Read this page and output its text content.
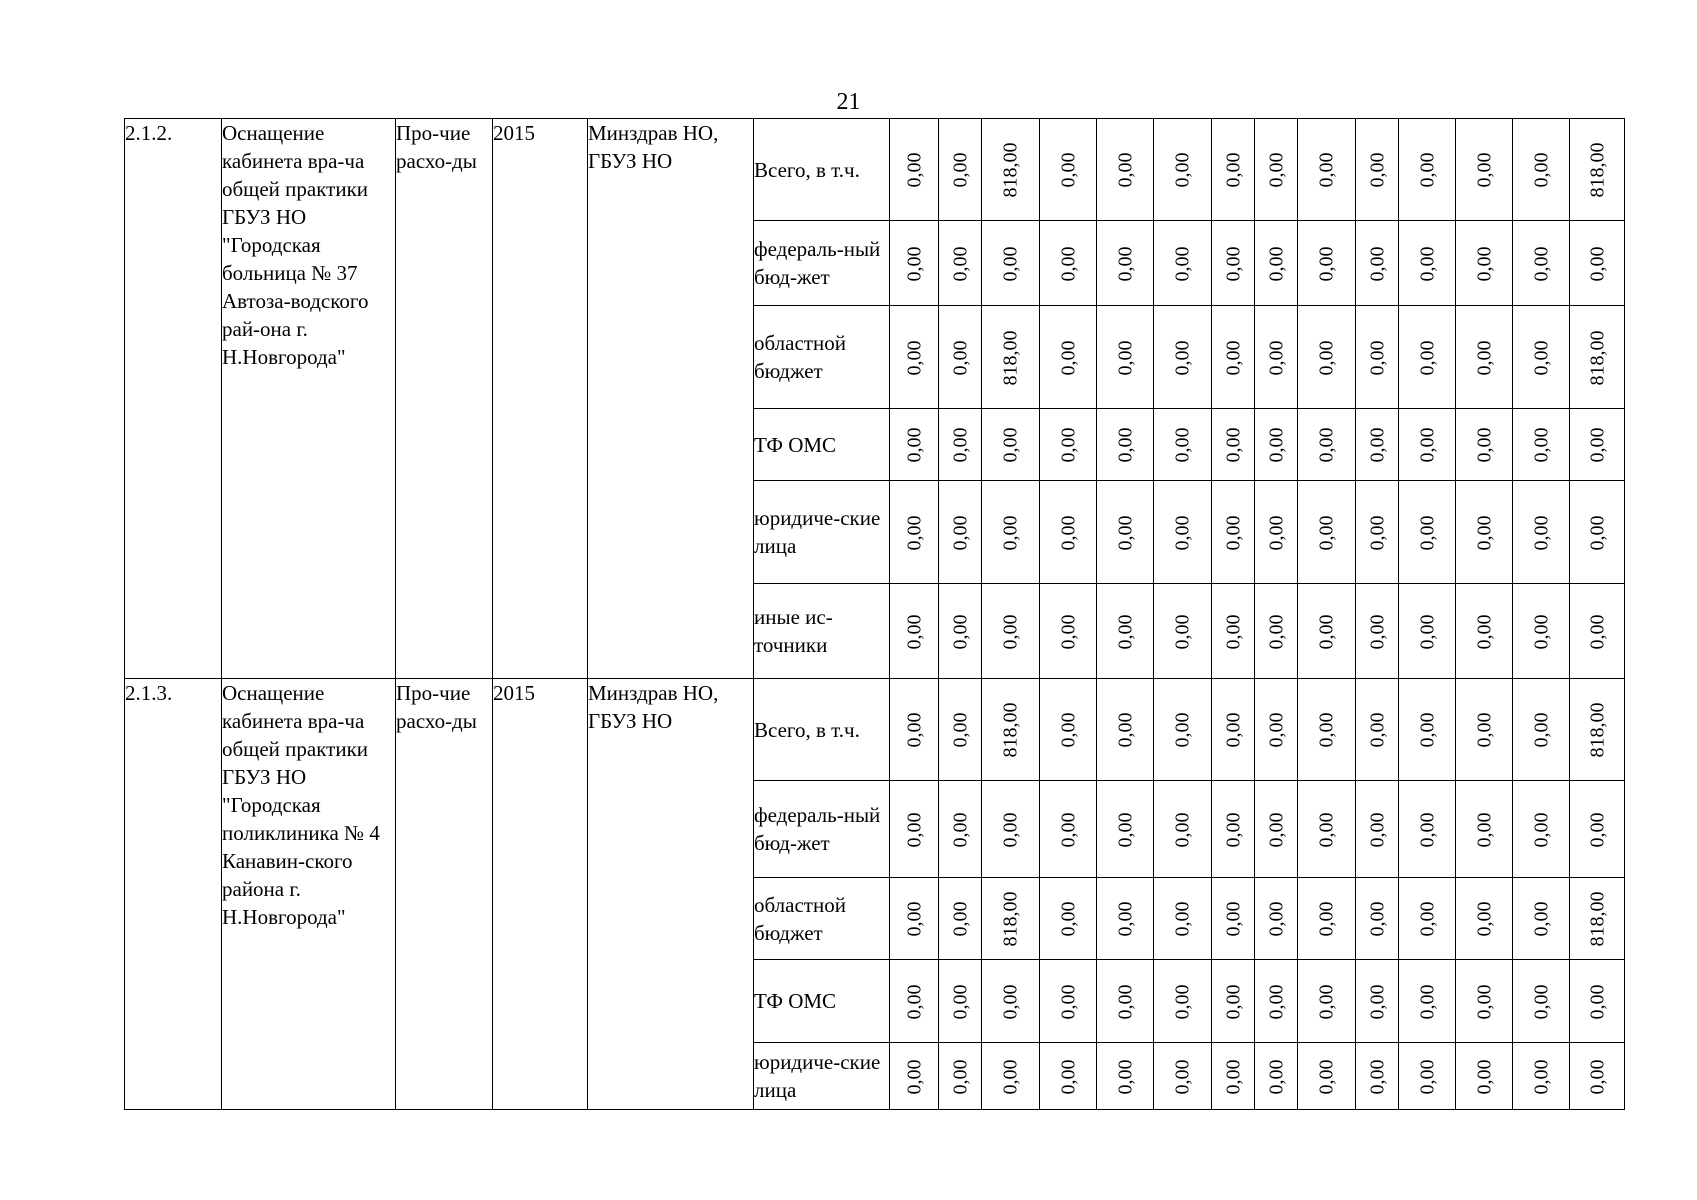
21
2.1.2.	Оснащение кабинета вра-ча общей практики ГБУЗ НО "Городская больница № 37 Автоза-водского рай-она г. Н.Новгорода"	Про-чие расхо-ды	2015	Минздрав НО, ГБУЗ НО	Всего, в т.ч.	0,00	0,00	818,00	0,00	0,00	0,00	0,00	0,00	0,00	0,00	0,00	0,00	0,00	818,00
					федераль-ный бюд-жет	0,00	0,00	0,00	0,00	0,00	0,00	0,00	0,00	0,00	0,00	0,00	0,00	0,00	0,00
					областной бюджет	0,00	0,00	818,00	0,00	0,00	0,00	0,00	0,00	0,00	0,00	0,00	0,00	0,00	818,00
					ТФ ОМС	0,00	0,00	0,00	0,00	0,00	0,00	0,00	0,00	0,00	0,00	0,00	0,00	0,00	0,00
					юридиче-ские лица	0,00	0,00	0,00	0,00	0,00	0,00	0,00	0,00	0,00	0,00	0,00	0,00	0,00	0,00
					иные ис-точники	0,00	0,00	0,00	0,00	0,00	0,00	0,00	0,00	0,00	0,00	0,00	0,00	0,00	0,00
2.1.3.	Оснащение кабинета вра-ча общей практики ГБУЗ НО "Городская поликлиника № 4 Канавин-ского района г. Н.Новгорода"	Про-чие расхо-ды	2015	Минздрав НО, ГБУЗ НО	Всего, в т.ч.	0,00	0,00	818,00	0,00	0,00	0,00	0,00	0,00	0,00	0,00	0,00	0,00	0,00	818,00
					федераль-ный бюд-жет	0,00	0,00	0,00	0,00	0,00	0,00	0,00	0,00	0,00	0,00	0,00	0,00	0,00	0,00
					областной бюджет	0,00	0,00	818,00	0,00	0,00	0,00	0,00	0,00	0,00	0,00	0,00	0,00	0,00	818,00
					ТФ ОМС	0,00	0,00	0,00	0,00	0,00	0,00	0,00	0,00	0,00	0,00	0,00	0,00	0,00	0,00
					юридиче-ские лица	0,00	0,00	0,00	0,00	0,00	0,00	0,00	0,00	0,00	0,00	0,00	0,00	0,00	0,00
